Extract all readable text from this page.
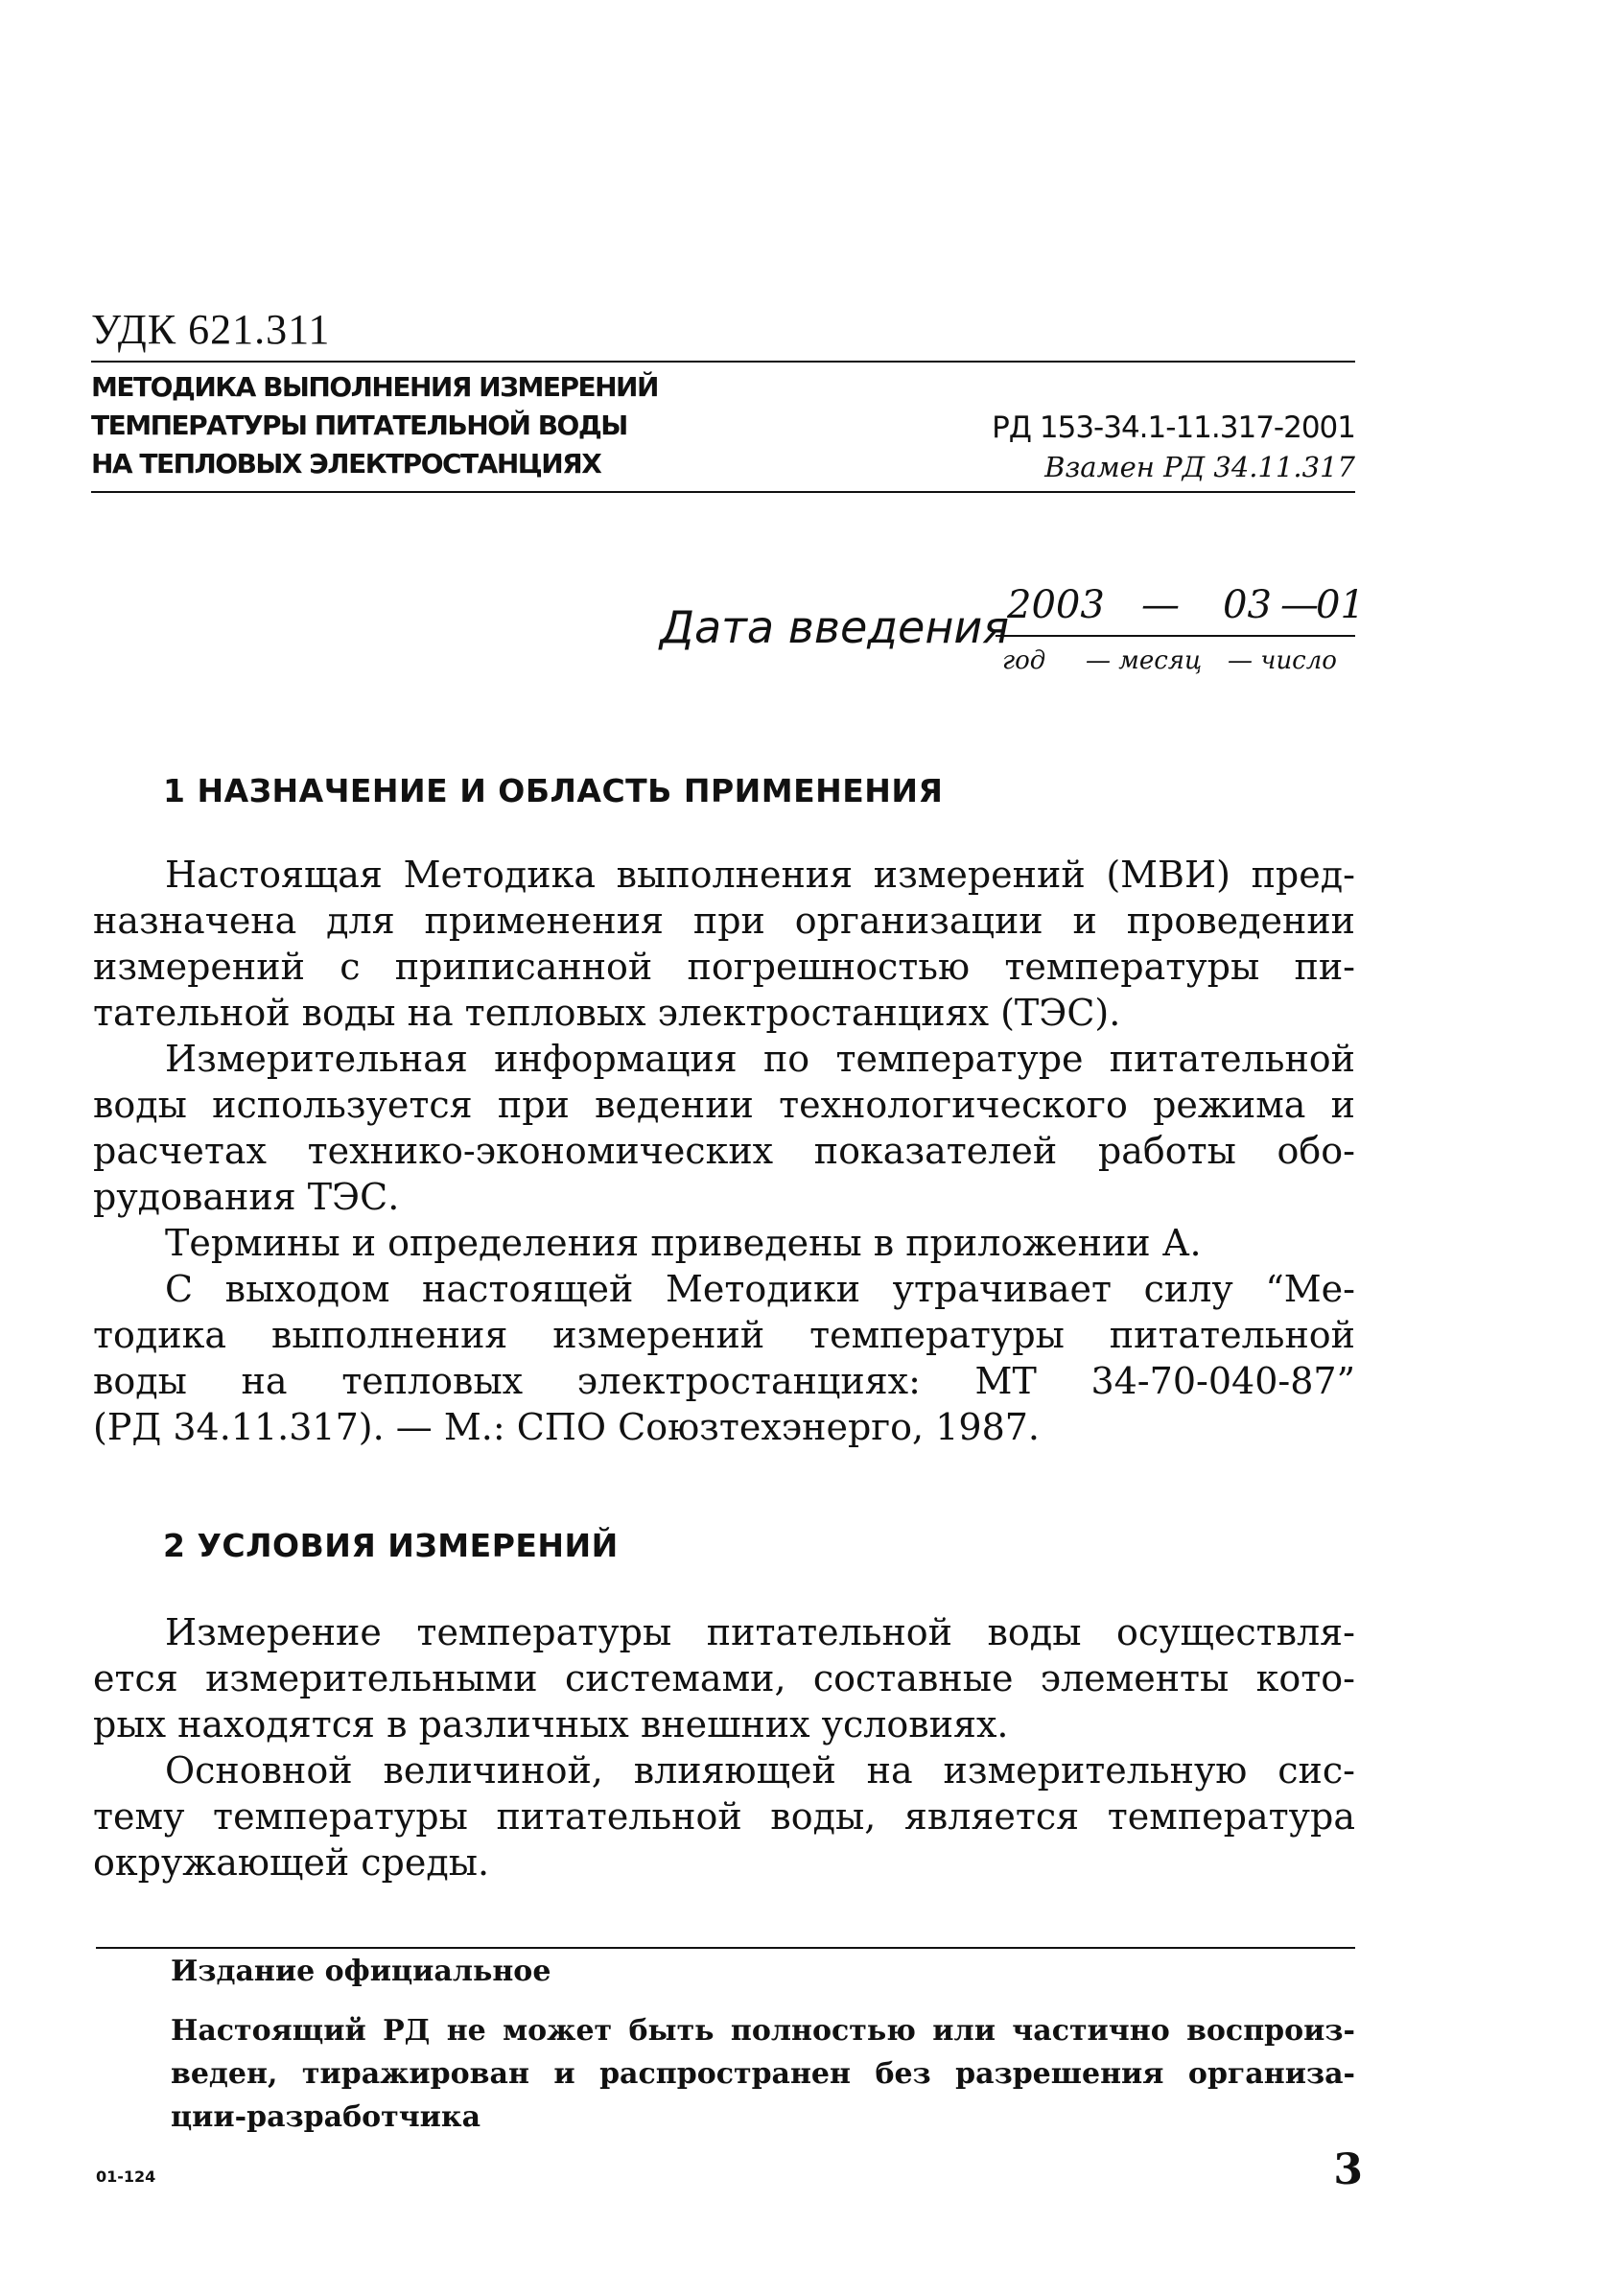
УДК 621.311
МЕТОДИКА ВЫПОЛНЕНИЯ ИЗМЕРЕНИЙ
ТЕМПЕРАТУРЫ ПИТАТЕЛЬНОЙ ВОДЫ
НА ТЕПЛОВЫХ ЭЛЕКТРОСТАНЦИЯХ
РД 153-34.1-11.317-2001
Взамен РД 34.11.317
Дата введения
2003 — 03 —
01
год — месяц — число
1 НАЗНАЧЕНИЕ И ОБЛАСТЬ ПРИМЕНЕНИЯ
Настоящая Методика выполнения измерений (МВИ) пред-
назначена для применения при организации и проведении
измерений с приписанной погрешностью температуры пи-
тательной воды на тепловых электростанциях (ТЭС).
Измерительная информация по температуре питательной
воды используется при ведении технологического режима и
расчетах технико-экономических показателей работы обо-
рудования ТЭС.
Термины и определения приведены в приложении А.
С выходом настоящей Методики утрачивает силу “Ме-
тодика выполнения измерений температуры питательной
воды на тепловых электростанциях: МТ 34-70-040-87”
(РД 34.11.317). — М.: СПО Союзтехэнерго, 1987.
2 УСЛОВИЯ ИЗМЕРЕНИЙ
Измерение температуры питательной воды осуществля-
ется измерительными системами, составные элементы кото-
рых находятся в различных внешних условиях.
Основной величиной, влияющей на измерительную сис-
тему температуры питательной воды, является температура
окружающей среды.
Издание официальное
Настоящий РД не может быть полностью или частично воспроиз-
веден, тиражирован и распространен без разрешения организа-
ции-разработчика
01-124	3
